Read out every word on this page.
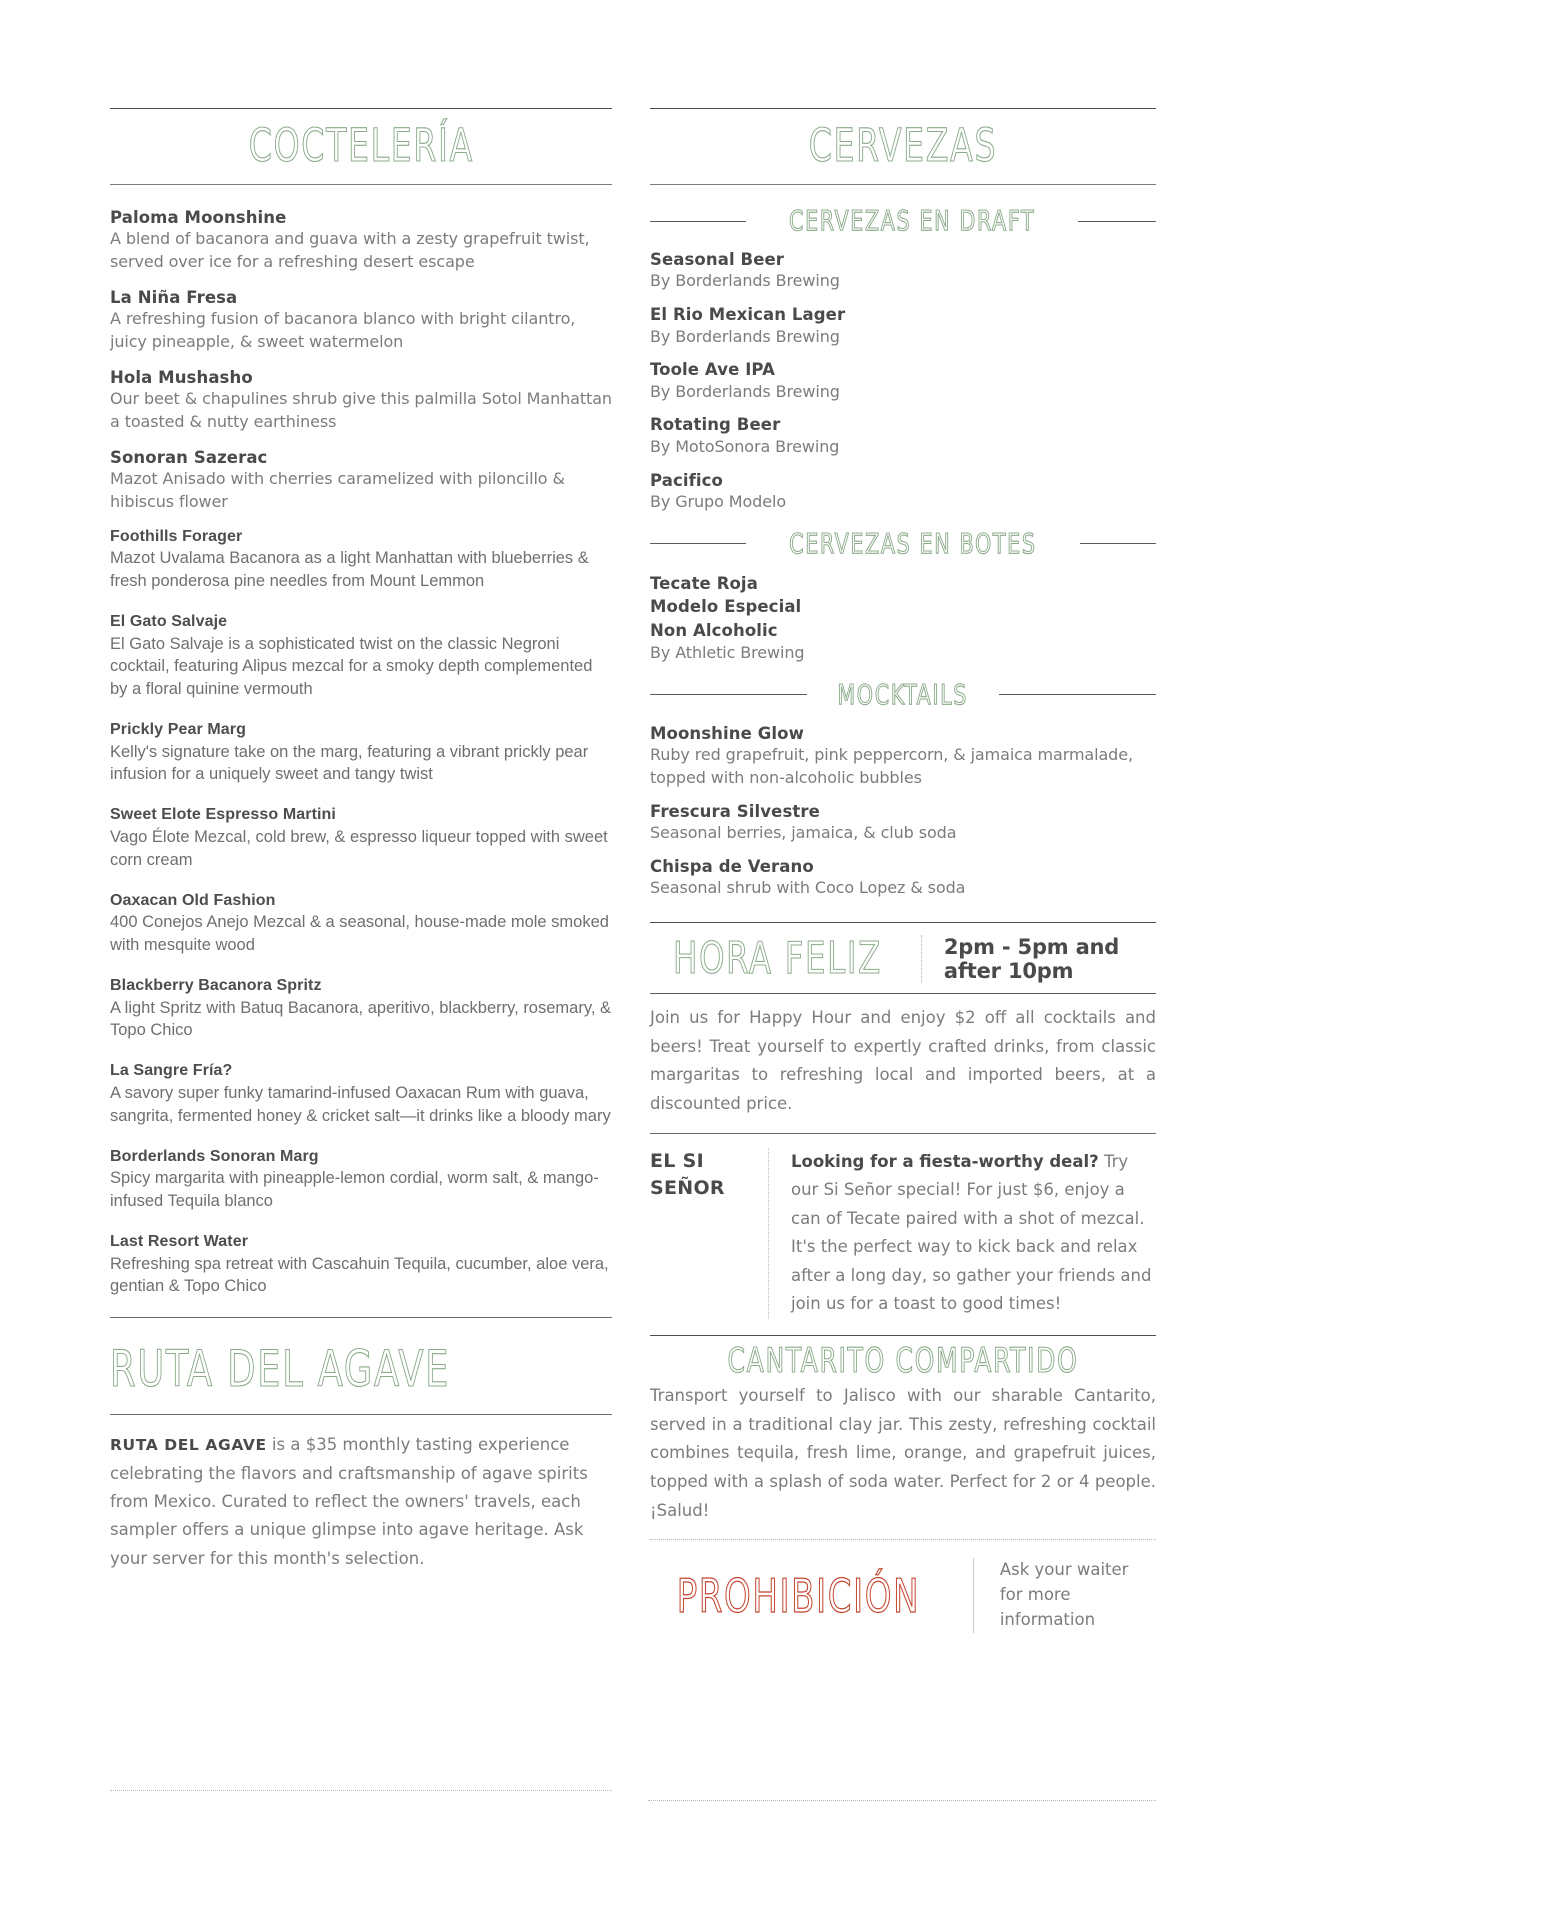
COCTELERÍA
Paloma Moonshine
A blend of bacanora and guava with a zesty grapefruit twist, served over ice for a refreshing desert escape
La Niña Fresa
A refreshing fusion of bacanora blanco with bright cilantro, juicy pineapple, & sweet watermelon
Hola Mushasho
Our beet & chapulines shrub give this palmilla Sotol Manhattan a toasted & nutty earthiness
Sonoran Sazerac
Mazot Anisado with cherries caramelized with piloncillo & hibiscus flower
Foothills Forager
Mazot Uvalama Bacanora as a light Manhattan with blueberries & fresh ponderosa pine needles from Mount Lemmon
El Gato Salvaje
El Gato Salvaje is a sophisticated twist on the classic Negroni cocktail, featuring Alipus mezcal for a smoky depth complemented by a floral quinine vermouth
Prickly Pear Marg
Kelly's signature take on the marg, featuring a vibrant prickly pear infusion for a uniquely sweet and tangy twist
Sweet Elote Espresso Martini
Vago Élote Mezcal, cold brew, & espresso liqueur topped with sweet corn cream
Oaxacan Old Fashion
400 Conejos Anejo Mezcal & a seasonal, house-made mole smoked with mesquite wood
Blackberry Bacanora Spritz
A light Spritz with Batuq Bacanora, aperitivo, blackberry, rosemary, & Topo Chico
La Sangre Fría?
A savory super funky tamarind-infused Oaxacan Rum with guava, sangrita, fermented honey & cricket salt—it drinks like a bloody mary
Borderlands Sonoran Marg
Spicy margarita with pineapple-lemon cordial, worm salt, & mango-infused Tequila blanco
Last Resort Water
Refreshing spa retreat with Cascahuin Tequila, cucumber, aloe vera, gentian & Topo Chico
RUTA DEL AGAVE
RUTA DEL AGAVE is a $35 monthly tasting experience celebrating the flavors and craftsmanship of agave spirits from Mexico. Curated to reflect the owners' travels, each sampler offers a unique glimpse into agave heritage. Ask your server for this month's selection.
CERVEZAS
CERVEZAS EN DRAFT
Seasonal Beer
By Borderlands Brewing
El Rio Mexican Lager
By Borderlands Brewing
Toole Ave IPA
By Borderlands Brewing
Rotating Beer
By MotoSonora Brewing
Pacifico
By Grupo Modelo
CERVEZAS EN BOTES
Tecate Roja
Modelo Especial
Non Alcoholic
By Athletic Brewing
MOCKTAILS
Moonshine Glow
Ruby red grapefruit, pink peppercorn, & jamaica marmalade, topped with non-alcoholic bubbles
Frescura Silvestre
Seasonal berries, jamaica, & club soda
Chispa de Verano
Seasonal shrub with Coco Lopez & soda
HORA FELIZ	2pm - 5pm and after 10pm
Join us for Happy Hour and enjoy $2 off all cocktails and beers! Treat yourself to expertly crafted drinks, from classic margaritas to refreshing local and imported beers, at a discounted price.
EL SI SEÑOR
Looking for a fiesta-worthy deal? Try our Si Señor special! For just $6, enjoy a can of Tecate paired with a shot of mezcal. It's the perfect way to kick back and relax after a long day, so gather your friends and join us for a toast to good times!
CANTARITO COMPARTIDO
Transport yourself to Jalisco with our sharable Cantarito, served in a traditional clay jar. This zesty, refreshing cocktail combines tequila, fresh lime, orange, and grapefruit juices, topped with a splash of soda water. Perfect for 2 or 4 people. ¡Salud!
PROHIBICIÓN	Ask your waiter for more information
